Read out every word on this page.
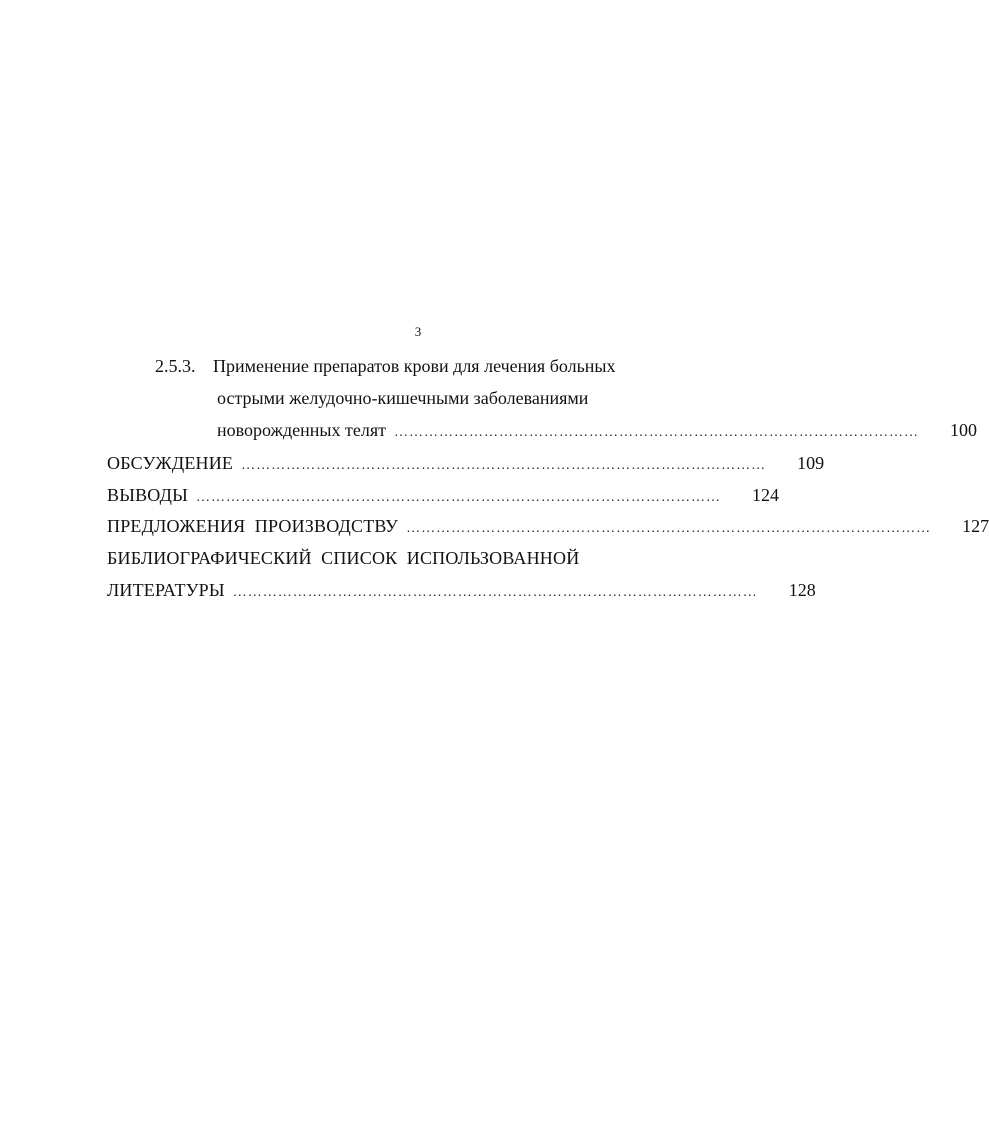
3
2.5.3. Применение препаратов крови для лечения больных
острыми желудочно-кишечными заболеваниями
новорожденных телят ……………………………………………………………………………………………	100
ОБСУЖДЕНИЕ ……………………………………………………………………………………………	109
ВЫВОДЫ ……………………………………………………………………………………………	124
ПРЕДЛОЖЕНИЯ  ПРОИЗВОДСТВУ ……………………………………………………………………………………………	127
БИБЛИОГРАФИЧЕСКИЙ  СПИСОК  ИСПОЛЬЗОВАННОЙ
ЛИТЕРАТУРЫ ……………………………………………………………………………………………	128
